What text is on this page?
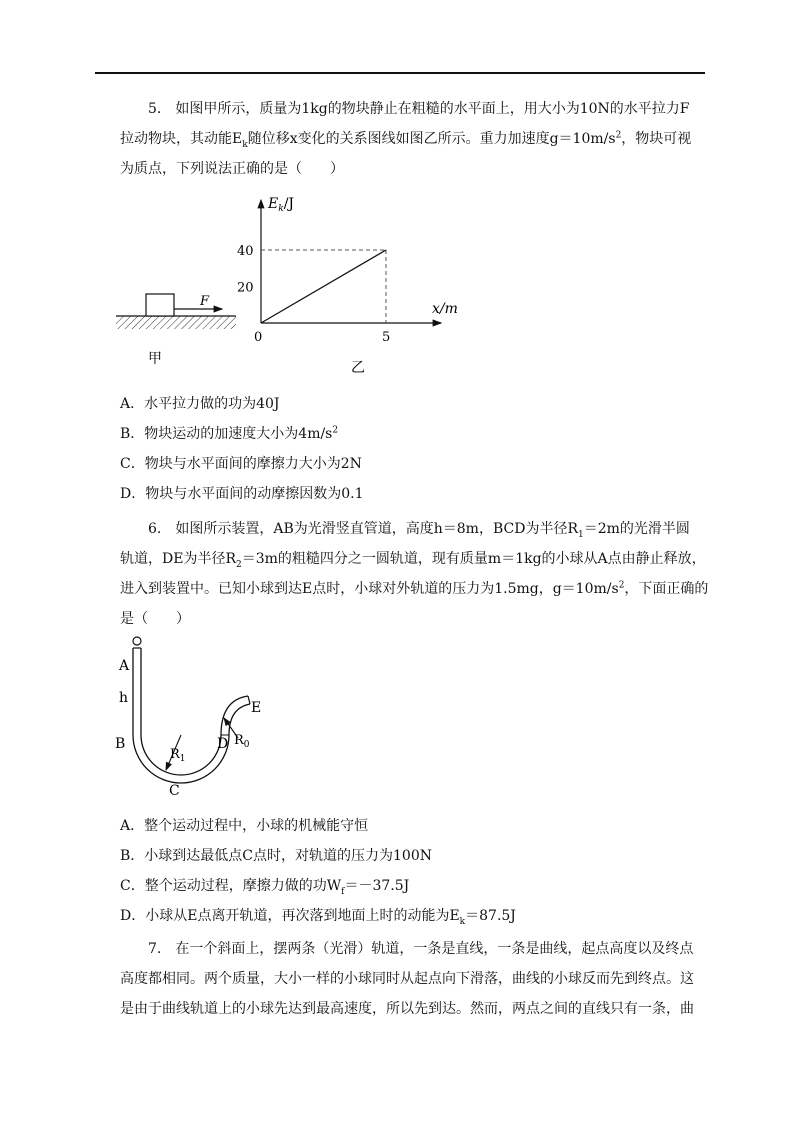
5.　如图甲所示，质量为1kg的物块静止在粗糙的水平面上，用大小为10N的水平拉力F
拉动物块，其动能$E_k$随位移x变化的关系图线如图乙所示。重力加速度$g=10m/s^2$，物块可视
为质点，下列说法正确的是（　　）
F
甲
$E_k/J$
x/m
40
20
5
0
乙
A．水平拉力做的功为40J
B．物块运动的加速度大小为$4m/s^2$
C．物块与水平面间的摩擦力大小为2N
D．物块与水平面间的动摩擦因数为0.1
6.　如图所示装置，AB为光滑竖直管道，高度h＝8m，BCD为半径$R_1=2m$的光滑半圆
轨道，DE为半径$R_2=3m$的粗糙四分之一圆轨道，现有质量m＝1kg的小球从A点由静止释放，
进入到装置中。已知小球到达E点时，小球对外轨道的压力为1.5mg，$g=10m/s^2$，下面正确的
是（　　）
A
h
B
C
D
E
$R_1$
$R_0$
A．整个运动过程中，小球的机械能守恒
B．小球到达最低点C点时，对轨道的压力为100N
C．整个运动过程，摩擦力做的功$W_f=-37.5J$
D．小球从E点离开轨道，再次落到地面上时的动能为$E_k=87.5J$
7.　在一个斜面上，摆两条（光滑）轨道，一条是直线，一条是曲线，起点高度以及终点
高度都相同。两个质量，大小一样的小球同时从起点向下滑落，曲线的小球反而先到终点。这
是由于曲线轨道上的小球先达到最高速度，所以先到达。然而，两点之间的直线只有一条，曲
